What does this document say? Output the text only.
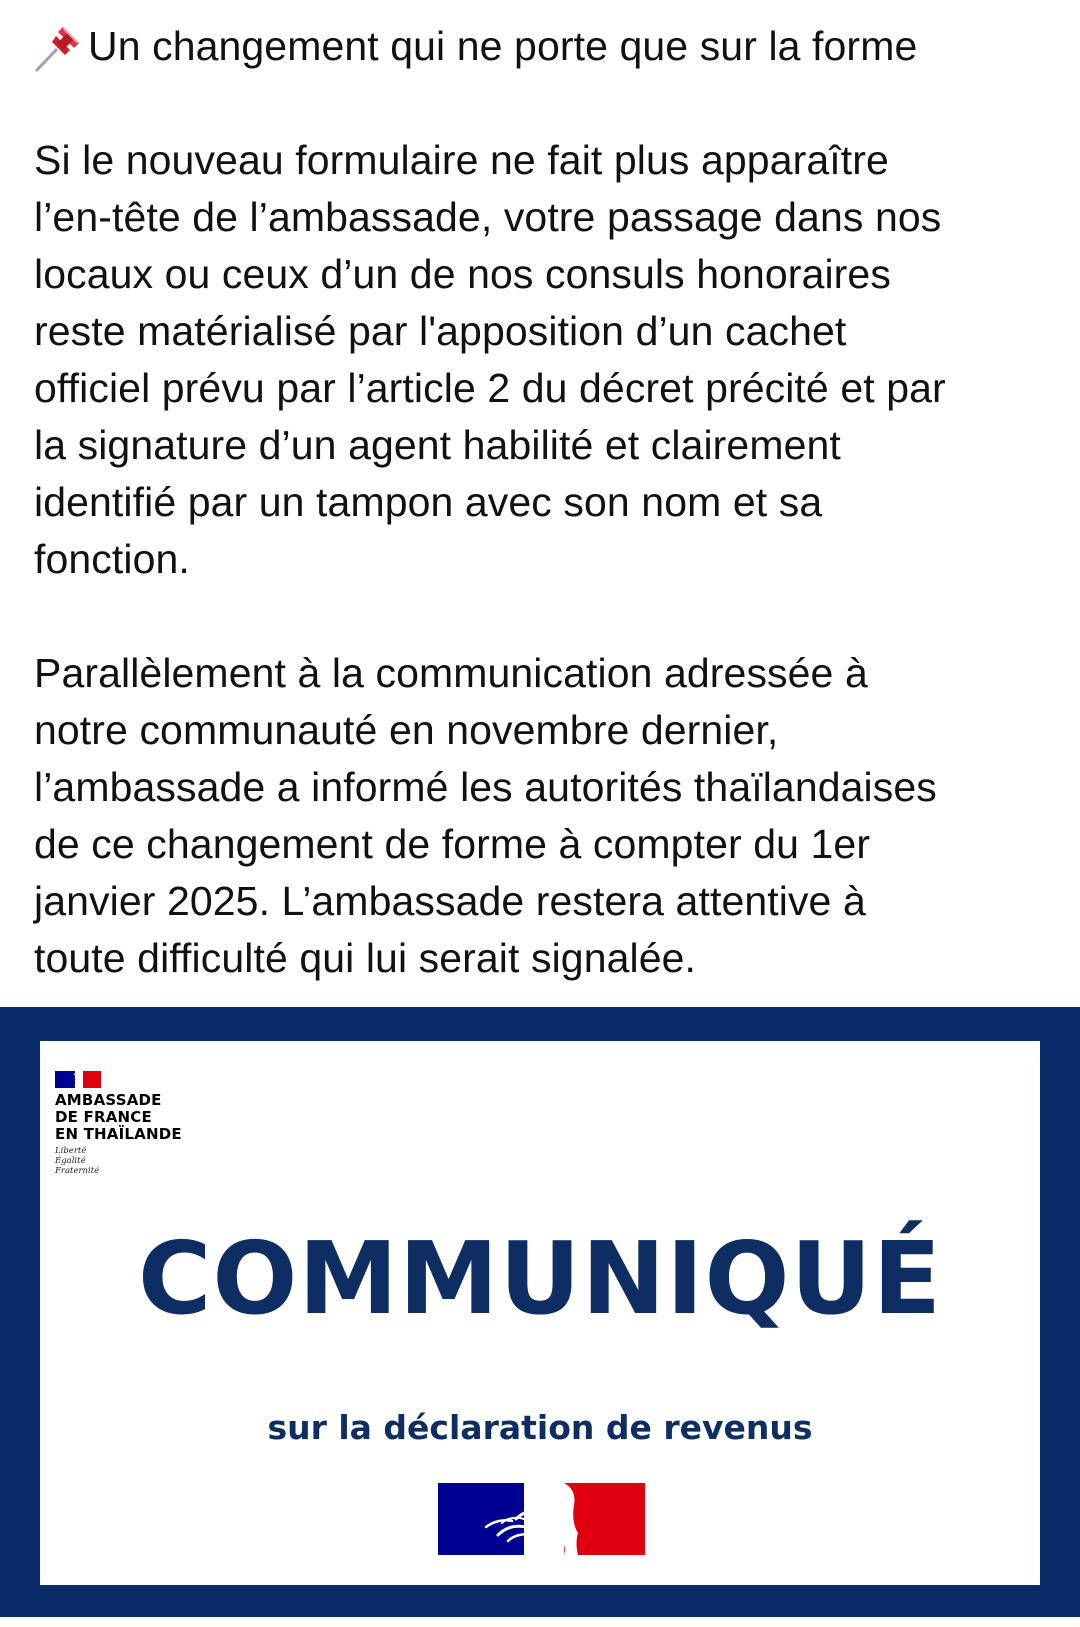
Un changement qui ne porte que sur la forme

Si le nouveau formulaire ne fait plus apparaître
l’en-tête de l’ambassade, votre passage dans nos
locaux ou ceux d’un de nos consuls honoraires
reste matérialisé par l'apposition d’un cachet
officiel prévu par l’article 2 du décret précité et par
la signature d’un agent habilité et clairement
identifié par un tampon avec son nom et sa
fonction.

Parallèlement à la communication adressée à
notre communauté en novembre dernier,
l’ambassade a informé les autorités thaïlandaises
de ce changement de forme à compter du 1er
janvier 2025. L’ambassade restera attentive à
toute difficulté qui lui serait signalée.

AMBASSADE
DE FRANCE
EN THAÏLANDE
Liberté
Égalité
Fraternité
COMMUNIQUÉ
sur la déclaration de revenus
